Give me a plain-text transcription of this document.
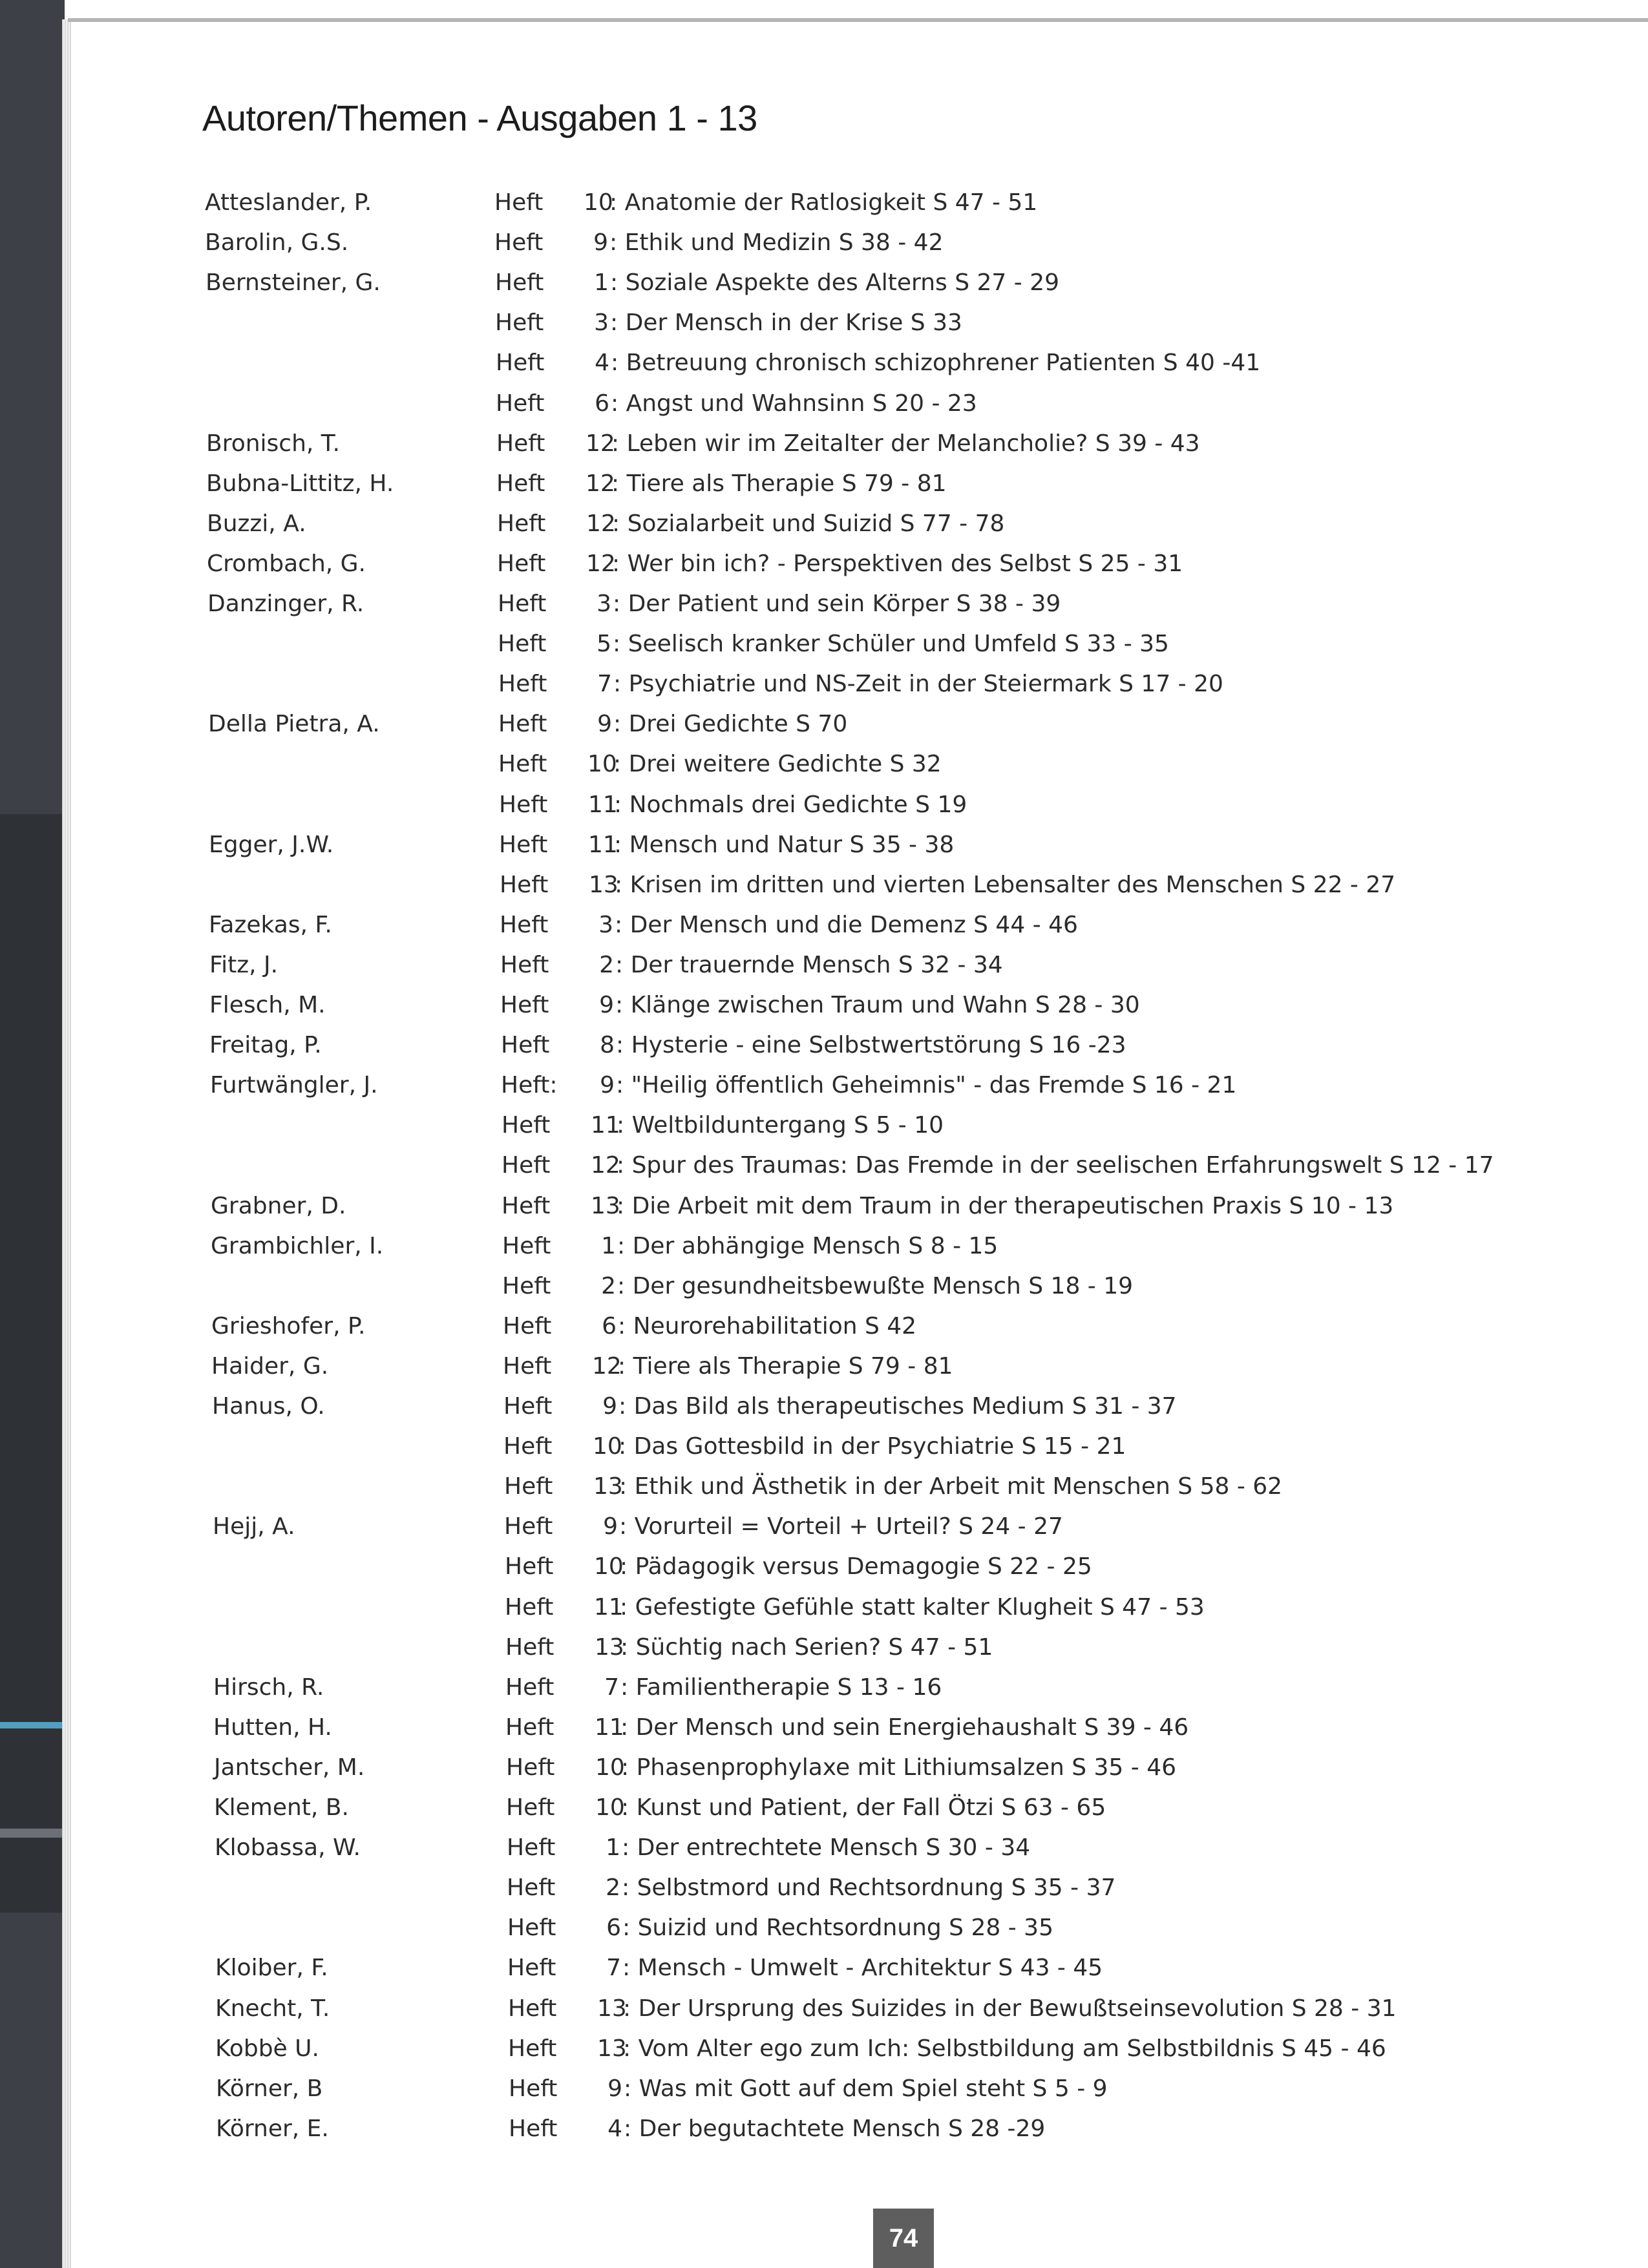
Autoren/Themen - Ausgaben 1 - 13
Atteslander, P.	Heft 10: Anatomie der Ratlosigkeit S 47 - 51
Barolin, G.S.	Heft 9: Ethik und Medizin S 38 - 42
Bernsteiner, G.	Heft 1: Soziale Aspekte des Alterns S 27 - 29
Heft 3: Der Mensch in der Krise S 33
Heft 4: Betreuung chronisch schizophrener Patienten S 40 -41
Heft 6: Angst und Wahnsinn S 20 - 23
Bronisch, T.	Heft 12: Leben wir im Zeitalter der Melancholie? S 39 - 43
Bubna-Littitz, H.	Heft 12: Tiere als Therapie S 79 - 81
Buzzi, A.	Heft 12: Sozialarbeit und Suizid S 77 - 78
Crombach, G.	Heft 12: Wer bin ich? - Perspektiven des Selbst S 25 - 31
Danzinger, R.	Heft 3: Der Patient und sein Körper S 38 - 39
Heft 5: Seelisch kranker Schüler und Umfeld S 33 - 35
Heft 7: Psychiatrie und NS-Zeit in der Steiermark S 17 - 20
Della Pietra, A.	Heft 9: Drei Gedichte S 70
Heft 10: Drei weitere Gedichte S 32
Heft 11: Nochmals drei Gedichte S 19
Egger, J.W.	Heft 11: Mensch und Natur S 35 - 38
Heft 13: Krisen im dritten und vierten Lebensalter des Menschen S 22 - 27
Fazekas, F.	Heft 3: Der Mensch und die Demenz S 44 - 46
Fitz, J.	Heft 2: Der trauernde Mensch S 32 - 34
Flesch, M.	Heft 9: Klänge zwischen Traum und Wahn S 28 - 30
Freitag, P.	Heft 8: Hysterie - eine Selbstwertstörung S 16 -23
Furtwängler, J.	Heft: 9: "Heilig öffentlich Geheimnis" - das Fremde S 16 - 21
Heft 11: Weltbilduntergang S 5 - 10
Heft 12: Spur des Traumas: Das Fremde in der seelischen Erfahrungswelt S 12 - 17
Grabner, D.	Heft 13: Die Arbeit mit dem Traum in der therapeutischen Praxis S 10 - 13
Grambichler, I.	Heft 1: Der abhängige Mensch S 8 - 15
Heft 2: Der gesundheitsbewußte Mensch S 18 - 19
Grieshofer, P.	Heft 6: Neurorehabilitation S 42
Haider, G.	Heft 12: Tiere als Therapie S 79 - 81
Hanus, O.	Heft 9: Das Bild als therapeutisches Medium S 31 - 37
Heft 10: Das Gottesbild in der Psychiatrie S 15 - 21
Heft 13: Ethik und Ästhetik in der Arbeit mit Menschen S 58 - 62
Hejj, A.	Heft 9: Vorurteil = Vorteil + Urteil? S 24 - 27
Heft 10: Pädagogik versus Demagogie S 22 - 25
Heft 11: Gefestigte Gefühle statt kalter Klugheit S 47 - 53
Heft 13: Süchtig nach Serien? S 47 - 51
Hirsch, R.	Heft 7: Familientherapie S 13 - 16
Hutten, H.	Heft 11: Der Mensch und sein Energiehaushalt S 39 - 46
Jantscher, M.	Heft 10: Phasenprophylaxe mit Lithiumsalzen S 35 - 46
Klement, B.	Heft 10: Kunst und Patient, der Fall Ötzi S 63 - 65
Klobassa, W.	Heft 1: Der entrechtete Mensch S 30 - 34
Heft 2: Selbstmord und Rechtsordnung S 35 - 37
Heft 6: Suizid und Rechtsordnung S 28 - 35
Kloiber, F.	Heft 7: Mensch - Umwelt - Architektur S 43 - 45
Knecht, T.	Heft 13: Der Ursprung des Suizides in der Bewußtseinsevolution S 28 - 31
Kobbè U.	Heft 13: Vom Alter ego zum Ich: Selbstbildung am Selbstbildnis S 45 - 46
Körner, B	Heft 9: Was mit Gott auf dem Spiel steht S 5 - 9
Körner, E.	Heft 4: Der begutachtete Mensch S 28 -29
74
